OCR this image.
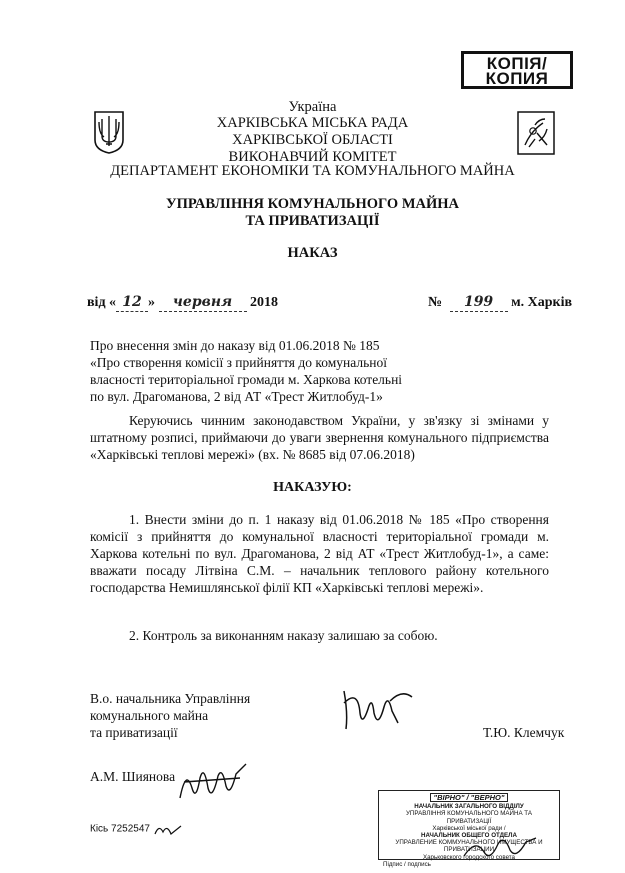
КОПІЯ/
КОПИЯ
Україна
ХАРКІВСЬКА МІСЬКА РАДА
ХАРКІВСЬКОЇ ОБЛАСТІ
ВИКОНАВЧИЙ КОМІТЕТ
ДЕПАРТАМЕНТ ЕКОНОМІКИ ТА КОМУНАЛЬНОГО МАЙНА
УПРАВЛІННЯ КОМУНАЛЬНОГО МАЙНА
ТА ПРИВАТИЗАЦІЇ
НАКАЗ
від « 12 » червня 2018	№ 199 м. Харків
Про внесення змін до наказу від 01.06.2018 № 185
«Про створення комісії з прийняття до комунальної
власності територіальної громади м. Харкова котельні
по вул. Драгоманова, 2 від АТ «Трест Житлобуд-1»
Керуючись чинним законодавством України, у зв'язку зі змінами у штатному розписі, приймаючи до уваги звернення комунального підприємства «Харківські теплові мережі» (вх. № 8685 від 07.06.2018)
НАКАЗУЮ:
1. Внести зміни до п. 1 наказу від 01.06.2018 № 185 «Про створення комісії з прийняття до комунальної власності територіальної громади м. Харкова котельні по вул. Драгоманова, 2 від АТ «Трест Житлобуд-1», а саме: вважати посаду Літвіна С.М. – начальник теплового району котельного господарства Немишлянської філії КП «Харківські теплові мережі».
2. Контроль за виконанням наказу залишаю за собою.
В.о. начальника Управління
комунального майна
та приватизації	Т.Ю. Клемчук
А.М. Шиянова
Кісь 7252547
"ВІРНО" / "ВЕРНО"
НАЧАЛЬНИК ЗАГАЛЬНОГО ВІДДІЛУ
УПРАВЛІННЯ КОМУНАЛЬНОГО МАЙНА ТА ПРИВАТИЗАЦІЇ
Харківської міської ради /
НАЧАЛЬНИК ОБЩЕГО ОТДЕЛА
УПРАВЛЕНИЕ КОММУНАЛЬНОГО ИМУЩЕСТВА И ПРИВАТИЗАЦИИ
Харьковского городского совета
Підпис / подпись
